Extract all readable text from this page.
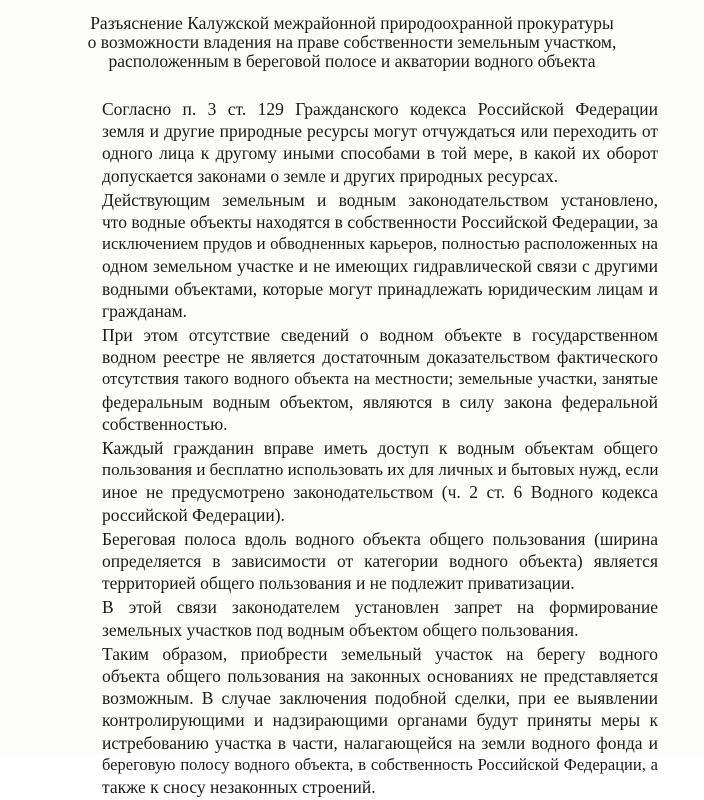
Разъяснение Калужской межрайонной природоохранной прокуратуры
о возможности владения на праве собственности земельным участком,
расположенным в береговой полосе и акватории водного объекта

Согласно п. 3 ст. 129 Гражданского кодекса Российской Федерации
земля и другие природные ресурсы могут отчуждаться или переходить от
одного лица к другому иными способами в той мере, в какой их оборот
допускается законами о земле и других природных ресурсах.

Действующим земельным и водным законодательством установлено,
что водные объекты находятся в собственности Российской Федерации, за
исключением прудов и обводненных карьеров, полностью расположенных на
одном земельном участке и не имеющих гидравлической связи с другими
водными объектами, которые могут принадлежать юридическим лицам и
гражданам.

При этом отсутствие сведений о водном объекте в государственном
водном реестре не является достаточным доказательством фактического
отсутствия такого водного объекта на местности; земельные участки, занятые
федеральным водным объектом, являются в силу закона федеральной
собственностью.

Каждый гражданин вправе иметь доступ к водным объектам общего
пользования и бесплатно использовать их для личных и бытовых нужд, если
иное не предусмотрено законодательством (ч. 2 ст. 6 Водного кодекса
российской Федерации).

Береговая полоса вдоль водного объекта общего пользования (ширина
определяется в зависимости от категории водного объекта) является
территорией общего пользования и не подлежит приватизации.

В этой связи законодателем установлен запрет на формирование
земельных участков под водным объектом общего пользования.

Таким образом, приобрести земельный участок на берегу водного
объекта общего пользования на законных основаниях не представляется
возможным. В случае заключения подобной сделки, при ее выявлении
контролирующими и надзирающими органами будут приняты меры к
истребованию участка в части, налагающейся на земли водного фонда и
береговую полосу водного объекта, в собственность Российской Федерации, а
также к сносу незаконных строений.
